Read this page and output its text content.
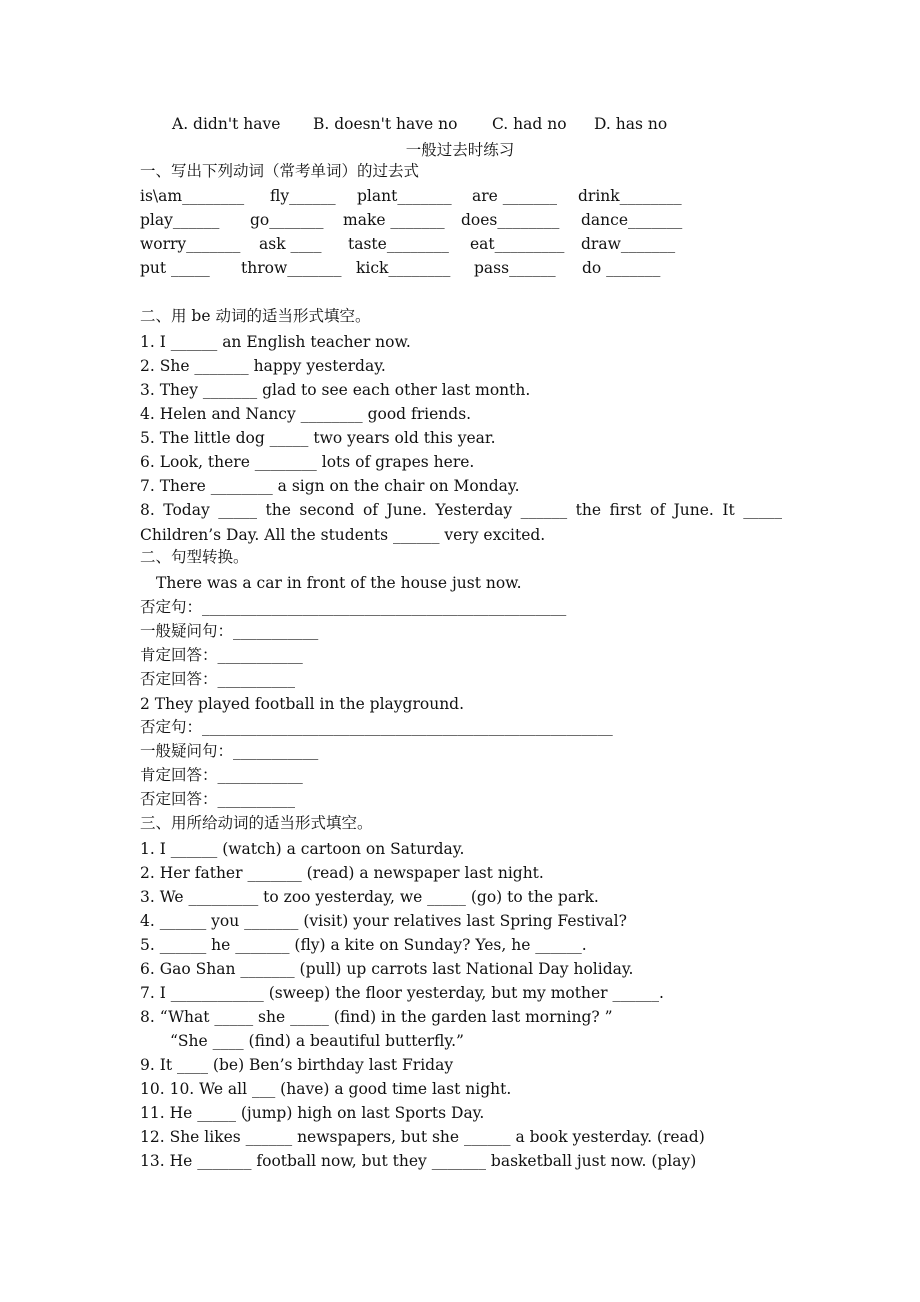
A. didn't have B. doesn't have no C. had no D. has no
一般过去时练习
一、写出下列动词（常考单词）的过去式
is\am________ fly______ plant_______ are _______ drink________
play______ go_______ make _______ does________ dance_______
worry_______ ask ____ taste________ eat_________ draw_______
put _____ throw_______ kick________ pass______ do _______
二、用 be 动词的适当形式填空。
1. I ______ an English teacher now.
2. She _______ happy yesterday.
3. They _______ glad to see each other last month.
4. Helen and Nancy ________ good friends.
5. The little dog _____ two years old this year.
6. Look, there ________ lots of grapes here.
7. There ________ a sign on the chair on Monday.
8. Today _____ the second of June. Yesterday ______ the first of June. It _____
Children’s Day. All the students ______ very excited.
二、句型转换。
There was a car in front of the house just now.
否定句：_______________________________________________
一般疑问句：___________
肯定回答：___________
否定回答：__________
2 They played football in the playground.
否定句：_____________________________________________________
一般疑问句：___________
肯定回答：___________
否定回答：__________
三、用所给动词的适当形式填空。
1. I ______ (watch) a cartoon on Saturday.
2. Her father _______ (read) a newspaper last night.
3. We _________ to zoo yesterday, we _____ (go) to the park.
4. ______ you _______ (visit) your relatives last Spring Festival?
5. ______ he _______ (fly) a kite on Sunday? Yes, he ______.
6. Gao Shan _______ (pull) up carrots last National Day holiday.
7. I ____________ (sweep) the floor yesterday, but my mother ______.
8. “What _____ she _____ (find) in the garden last morning? ”
“She ____ (find) a beautiful butterfly.”
9. It ____ (be) Ben’s birthday last Friday
10. 10. We all ___ (have) a good time last night.
11. He _____ (jump) high on last Sports Day.
12. She likes ______ newspapers, but she ______ a book yesterday. (read)
13. He _______ football now, but they _______ basketball just now. (play)
